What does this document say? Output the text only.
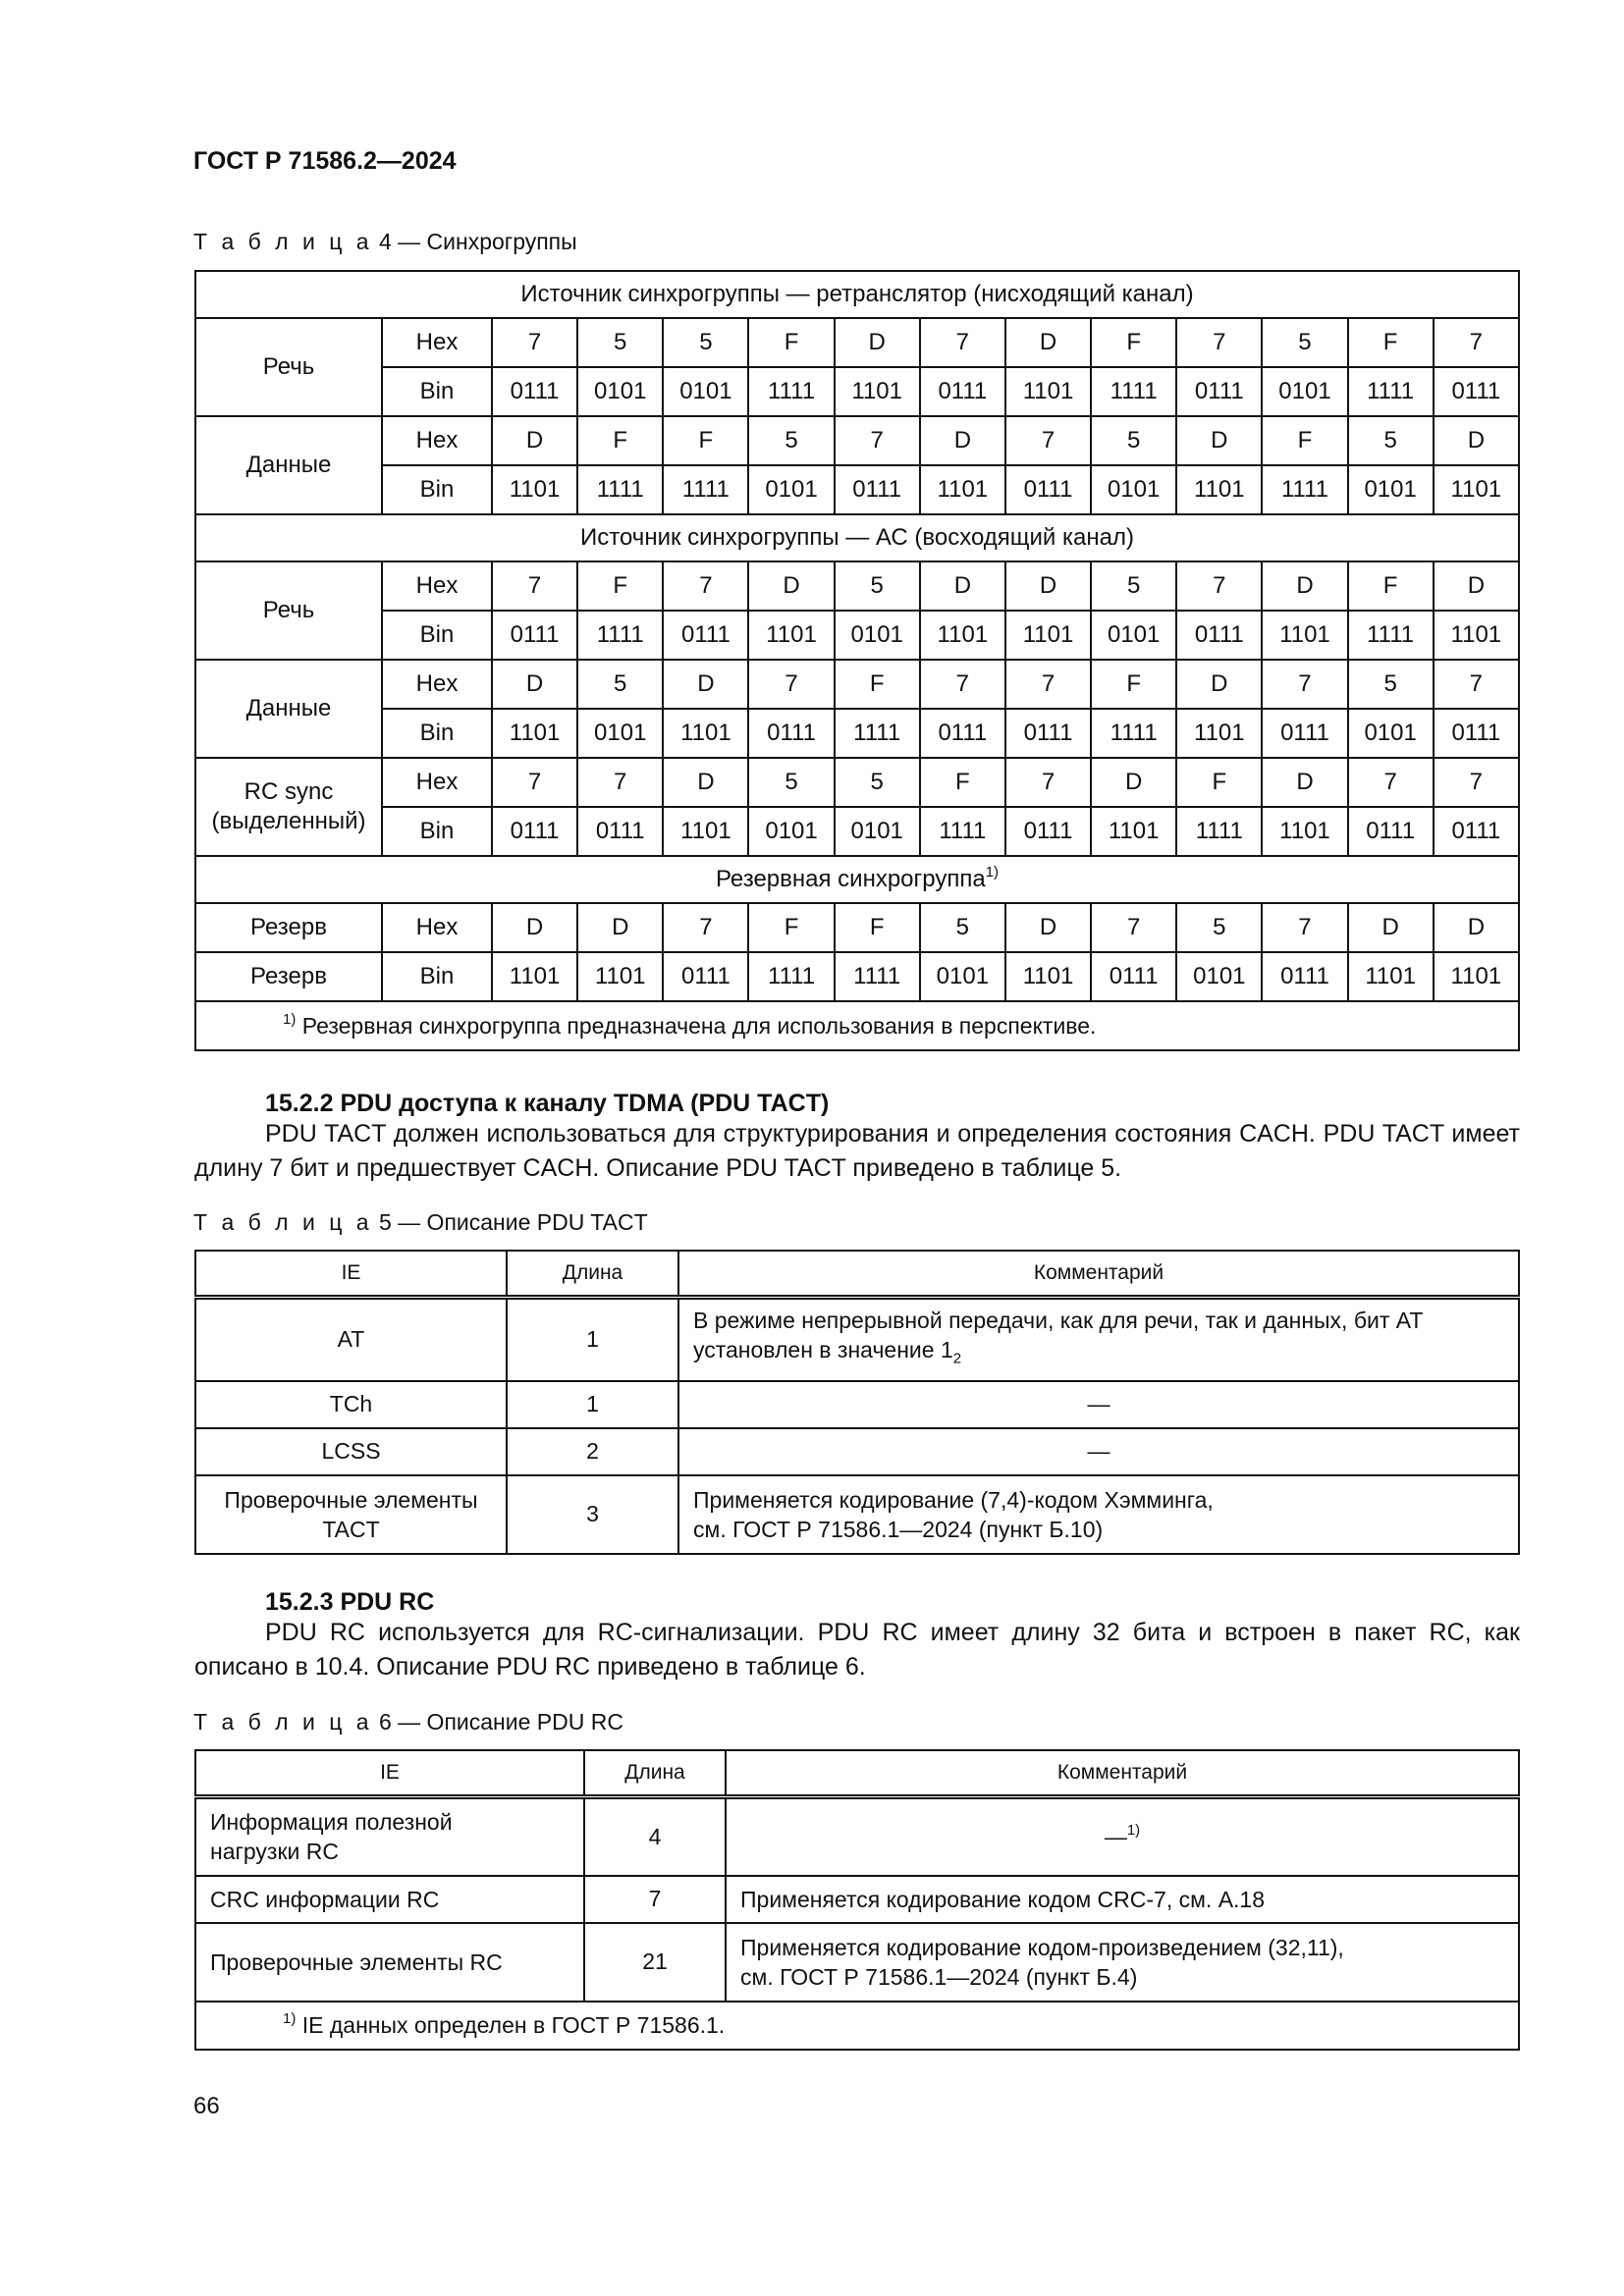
ГОСТ Р 71586.2—2024
Т а б л и ц а 4 — Синхрогруппы
Источник синхрогруппы — ретранслятор (нисходящий канал)													
Речь	Hex	7	5	5	F	D	7	D	F	7	5	F	7
	Bin	0111	0101	0101	1111	1101	0111	1101	1111	0111	0101	1111	0111
Данные	Hex	D	F	F	5	7	D	7	5	D	F	5	D
	Bin	1101	1111	1111	0101	0111	1101	0111	0101	1101	1111	0101	1101
Источник синхрогруппы — АС (восходящий канал)													
Речь	Hex	7	F	7	D	5	D	D	5	7	D	F	D
	Bin	0111	1111	0111	1101	0101	1101	1101	0101	0111	1101	1111	1101
Данные	Hex	D	5	D	7	F	7	7	F	D	7	5	7
	Bin	1101	0101	1101	0111	1111	0111	0111	1111	1101	0111	0101	0111
RC sync
(выделенный)	Hex	7	7	D	5	5	F	7	D	F	D	7	7
	Bin	0111	0111	1101	0101	0101	1111	0111	1101	1111	1101	0111	0111
Резервная синхрогруппа$^{1)}$
Резерв	Hex	D	D	7	F	F	5	D	7	5	7	D	D
Резерв	Bin	1101	1101	0111	1111	1111	0101	1101	0111	0101	0111	1101	1101
$^{1)}$ Резервная синхрогруппа предназначена для использования в перспективе.													
15.2.2 PDU доступа к каналу TDMA (PDU TACT)
PDU TACT должен использоваться для структурирования и определения состояния CACH. PDU TACT имеет длину 7 бит и предшествует CACH. Описание PDU TACT приведено в таблице 5.
Т а б л и ц а 5 — Описание PDU TACT
IE	Длина	Комментарий
AT	1	В режиме непрерывной передачи, как для речи, так и данных, бит AT установлен в значение $1_2$
TCh	1	—
LCSS	2	—
Проверочные элементы
TACT	3	Применяется кодирование (7,4)-кодом Хэмминга,
см. ГОСТ Р 71586.1—2024 (пункт Б.10)
15.2.3 PDU RC
PDU RC используется для RC-сигнализации. PDU RC имеет длину 32 бита и встроен в пакет RC, как описано в 10.4. Описание PDU RC приведено в таблице 6.
Т а б л и ц а 6 — Описание PDU RC
IE	Длина	Комментарий
Информация полезной
нагрузки RC	4	—$^{1)}$
CRC информации RC	7	Применяется кодирование кодом CRC-7, см. А.18
Проверочные элементы RC	21	Применяется кодирование кодом-произведением (32,11),
см. ГОСТ Р 71586.1—2024 (пункт Б.4)
$^{1)}$ IE данных определен в ГОСТ Р 71586.1.		
66
